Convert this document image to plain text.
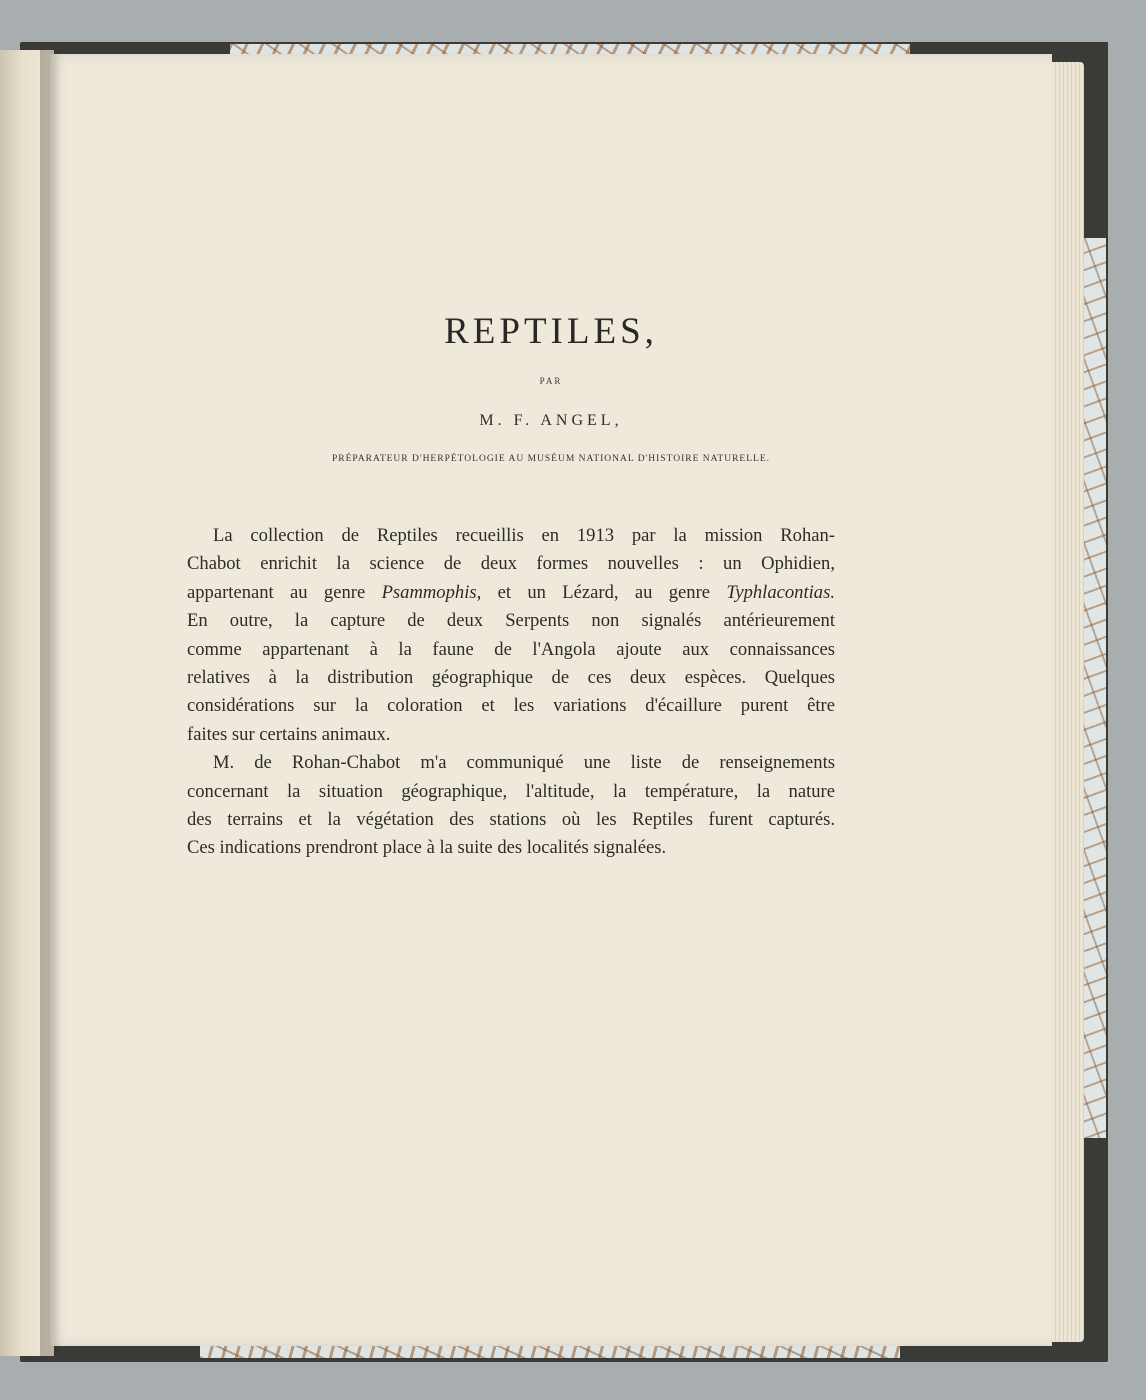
REPTILES,
PAR
M. F. ANGEL,
PRÉPARATEUR D'HERPÉTOLOGIE AU MUSÉUM NATIONAL D'HISTOIRE NATURELLE.
La collection de Reptiles recueillis en 1913 par la mission Rohan-
Chabot enrichit la science de deux formes nouvelles : un Ophidien,
appartenant au genre Psammophis, et un Lézard, au genre Typhlacontias.
En outre, la capture de deux Serpents non signalés antérieurement
comme appartenant à la faune de l'Angola ajoute aux connaissances
relatives à la distribution géographique de ces deux espèces. Quelques
considérations sur la coloration et les variations d'écaillure purent être
faites sur certains animaux.
M. de Rohan-Chabot m'a communiqué une liste de renseignements
concernant la situation géographique, l'altitude, la température, la nature
des terrains et la végétation des stations où les Reptiles furent capturés.
Ces indications prendront place à la suite des localités signalées.
